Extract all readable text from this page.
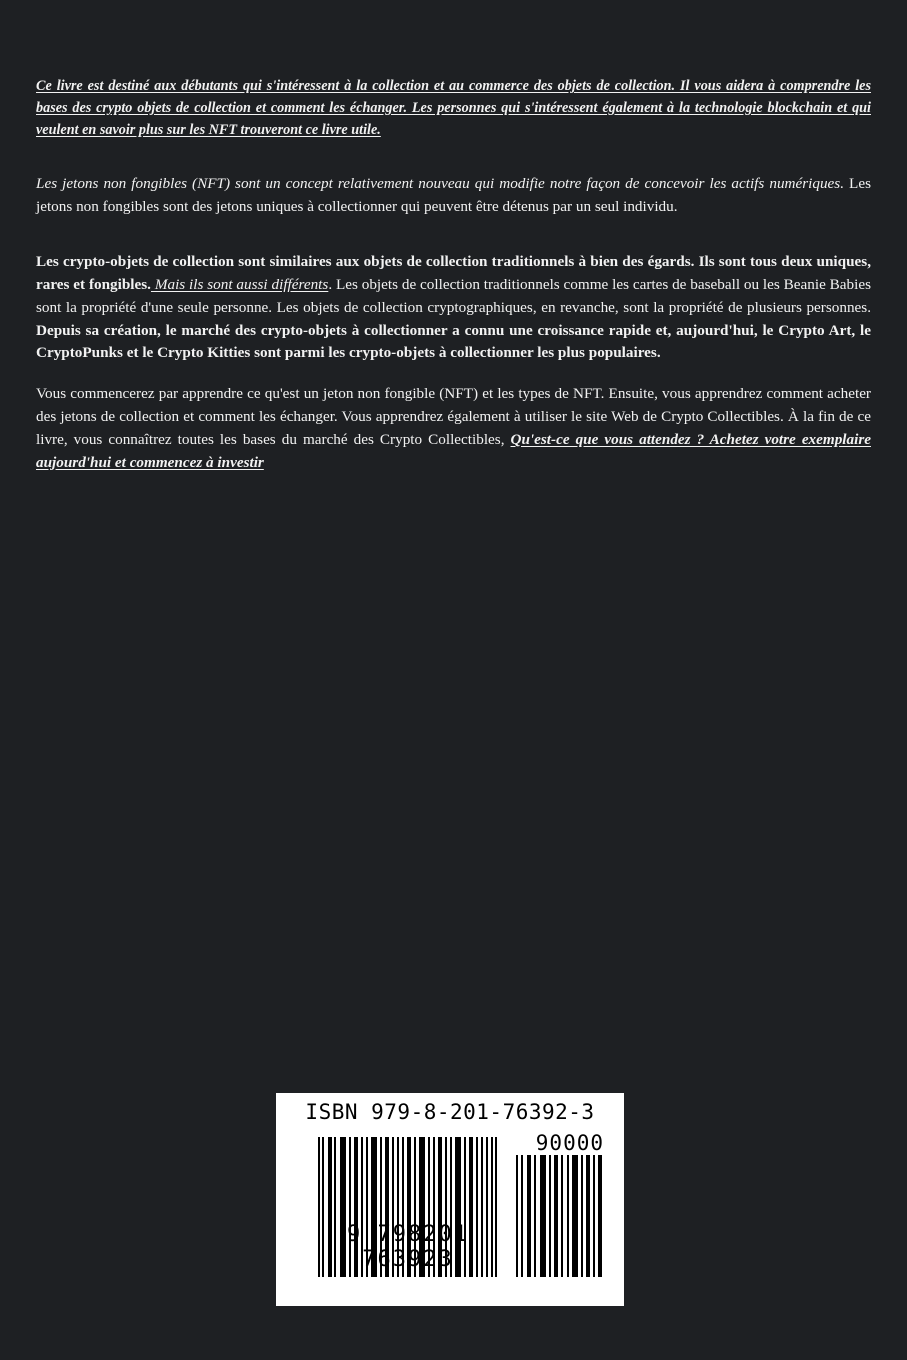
Ce livre est destiné aux débutants qui s'intéressent à la collection et au commerce des objets de collection. Il vous aidera à comprendre les bases des crypto objets de collection et comment les échanger. Les personnes qui s'intéressent également à la technologie blockchain et qui veulent en savoir plus sur les NFT trouveront ce livre utile.

Les jetons non fongibles (NFT) sont un concept relativement nouveau qui modifie notre façon de concevoir les actifs numériques. Les jetons non fongibles sont des jetons uniques à collectionner qui peuvent être détenus par un seul individu.

Les crypto-objets de collection sont similaires aux objets de collection traditionnels à bien des égards. Ils sont tous deux uniques, rares et fongibles. Mais ils sont aussi différents. Les objets de collection traditionnels comme les cartes de baseball ou les Beanie Babies sont la propriété d'une seule personne. Les objets de collection cryptographiques, en revanche, sont la propriété de plusieurs personnes. Depuis sa création, le marché des crypto-objets à collectionner a connu une croissance rapide et, aujourd'hui, le Crypto Art, le CryptoPunks et le Crypto Kitties sont parmi les crypto-objets à collectionner les plus populaires.

Vous commencerez par apprendre ce qu'est un jeton non fongible (NFT) et les types de NFT. Ensuite, vous apprendrez comment acheter des jetons de collection et comment les échanger. Vous apprendrez également à utiliser le site Web de Crypto Collectibles. À la fin de ce livre, vous connaîtrez toutes les bases du marché des Crypto Collectibles, Qu'est-ce que vous attendez ? Achetez votre exemplaire aujourd'hui et commencez à investir

ISBN 979-8-201-76392-3
90000
9 798201 763923
